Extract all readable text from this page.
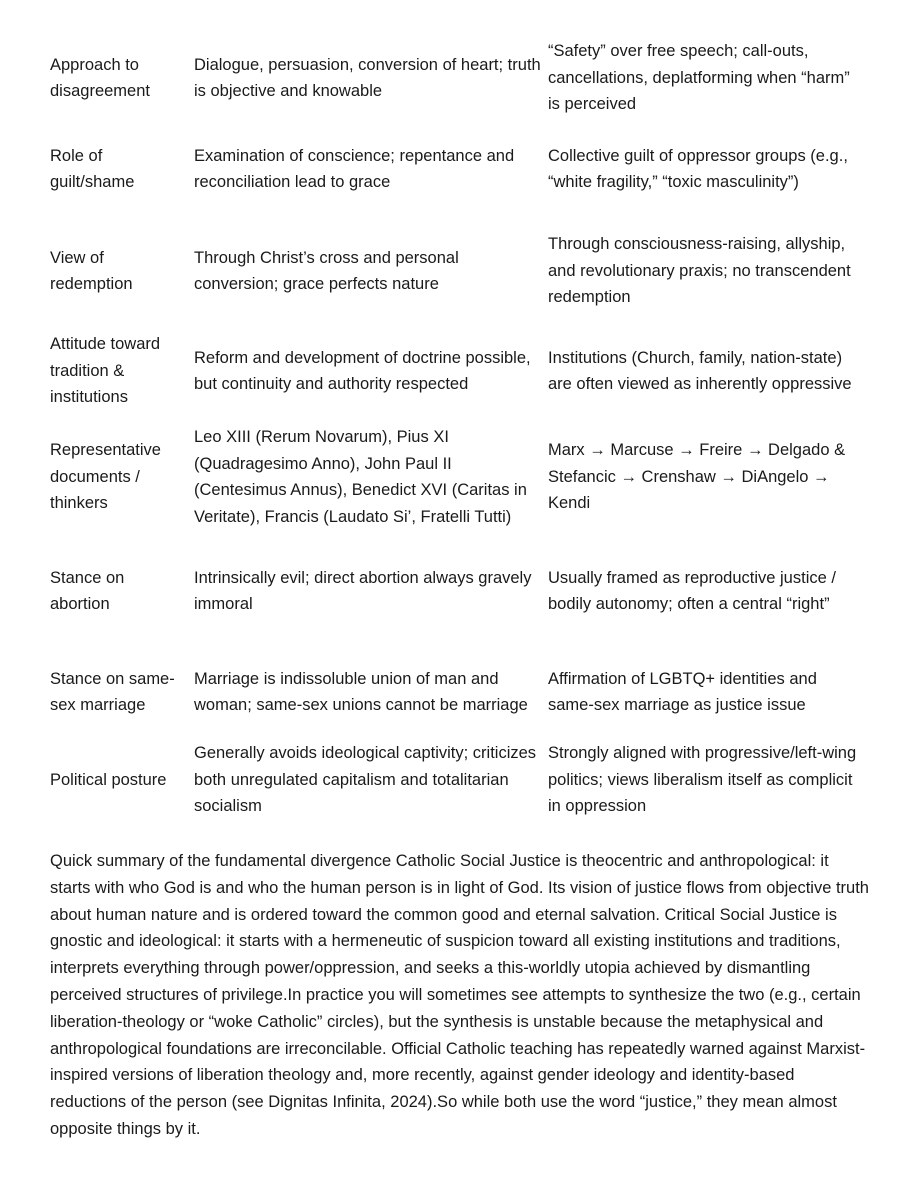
Approach to disagreement	Dialogue, persuasion, conversion of heart; truth is objective and knowable	“Safety” over free speech; call-outs, cancellations, deplatforming when “harm” is perceived
Role of guilt/shame	Examination of conscience; repentance and reconciliation lead to grace	Collective guilt of oppressor groups (e.g., “white fragility,” “toxic masculinity”)
View of redemption	Through Christ’s cross and personal conversion; grace perfects nature	Through consciousness-raising, allyship, and revolutionary praxis; no transcendent redemption
Attitude toward tradition & institutions	Reform and development of doctrine possible, but continuity and authority respected	Institutions (Church, family, nation-state) are often viewed as inherently oppressive
Representative documents / thinkers	Leo XIII (Rerum Novarum), Pius XI (Quadragesimo Anno), John Paul II (Centesimus Annus), Benedict XVI (Caritas in Veritate), Francis (Laudato Si’, Fratelli Tutti)	Marx → Marcuse → Freire → Delgado & Stefancic → Crenshaw → DiAngelo → Kendi
Stance on abortion	Intrinsically evil; direct abortion always gravely immoral	Usually framed as reproductive justice / bodily autonomy; often a central “right”
Stance on same-sex marriage	Marriage is indissoluble union of man and woman; same-sex unions cannot be marriage	Affirmation of LGBTQ+ identities and same-sex marriage as justice issue
Political posture	Generally avoids ideological captivity; criticizes both unregulated capitalism and totalitarian socialism	Strongly aligned with progressive/left-wing politics; views liberalism itself as complicit in oppression

Quick summary of the fundamental divergence Catholic Social Justice is theocentric and anthropological: it starts with who God is and who the human person is in light of God. Its vision of justice flows from objective truth about human nature and is ordered toward the common good and eternal salvation. Critical Social Justice is gnostic and ideological: it starts with a hermeneutic of suspicion toward all existing institutions and traditions, interprets everything through power/oppression, and seeks a this-worldly utopia achieved by dismantling perceived structures of privilege.In practice you will sometimes see attempts to synthesize the two (e.g., certain liberation-theology or “woke Catholic” circles), but the synthesis is unstable because the metaphysical and anthropological foundations are irreconcilable. Official Catholic teaching has repeatedly warned against Marxist-inspired versions of liberation theology and, more recently, against gender ideology and identity-based reductions of the person (see Dignitas Infinita, 2024).So while both use the word “justice,” they mean almost opposite things by it.
